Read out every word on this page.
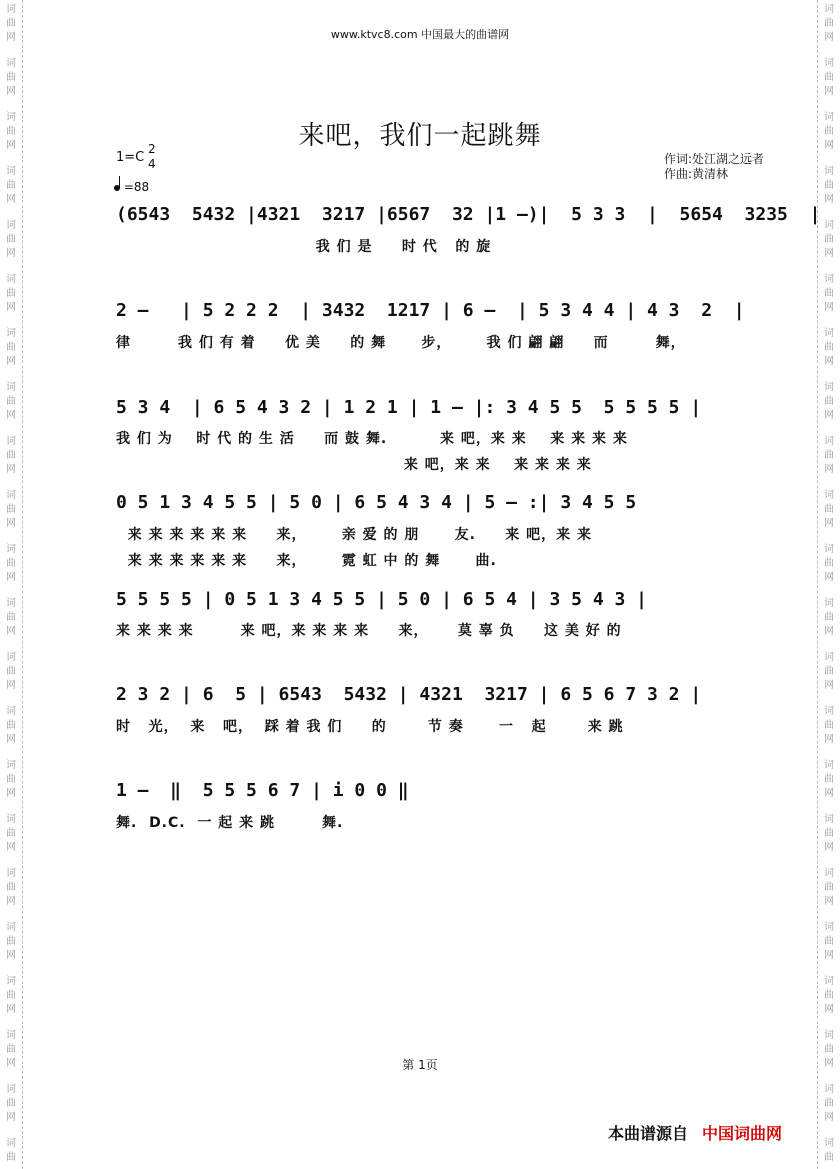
词
曲
网
词
曲
网
词
曲
网
词
曲
网
词
曲
网
词
曲
网
词
曲
网
词
曲
网
词
曲
网
词
曲
网
词
曲
网
词
曲
网
词
曲
网
词
曲
网
词
曲
网
词
曲
网
词
曲
网
词
曲
网
词
曲
网
词
曲
网
词
曲
网
词
曲
词
曲
网
词
曲
网
词
曲
网
词
曲
网
词
曲
网
词
曲
网
词
曲
网
词
曲
网
词
曲
网
词
曲
网
词
曲
网
词
曲
网
词
曲
网
词
曲
网
词
曲
网
词
曲
网
词
曲
网
词
曲
网
词
曲
网
词
曲
网
词
曲
网
词
曲
www.ktvc8.com 中国最大的曲谱网
来吧，我们一起跳舞
1=C
2
4
=88
作词:处江湖之远者
作曲:黄清林
(6543  5432 |4321  3217 |6567  32 |1 –)|  5 3 3  |  5654  3235  |
我 们 是     时 代   的 旋
2 –   | 5 2 2 2  | 3432  1217 | 6 –  | 5 3 4 4 | 4 3  2  |
律        我 们 有 着     优 美     的 舞      步，      我 们 翩 翩     而        舞，
5 3 4  | 6 5 4 3 2 | 1 2 1 | 1 – |: 3 4 5 5  5 5 5 5 |
我 们 为    时 代 的 生 活     而 鼓 舞.         来 吧，来 来    来 来 来 来
来 吧，来 来    来 来 来 来
0 5 1 3 4 5 5 | 5 0 | 6 5 4 3 4 | 5 – :| 3 4 5 5
来 来 来 来 来 来     来，      亲 爱 的 朋      友.     来 吧，来 来
来 来 来 来 来 来     来，      霓 虹 中 的 舞      曲.
5 5 5 5 | 0 5 1 3 4 5 5 | 5 0 | 6 5 4 | 3 5 4 3 |
来 来 来 来        来 吧，来 来 来 来     来，     莫 辜 负     这 美 好 的
2 3 2 | 6  5 | 6543  5432 | 4321  3217 | 6 5 6 7 3 2 |
时   光，  来   吧，  踩 着 我 们     的       节 奏      一   起       来 跳
1 –  ‖  5 5 5 6 7 | i 0 0 ‖
舞.  D.C.  一 起 来 跳        舞.
第 1页
本曲谱源自 中国词曲网
